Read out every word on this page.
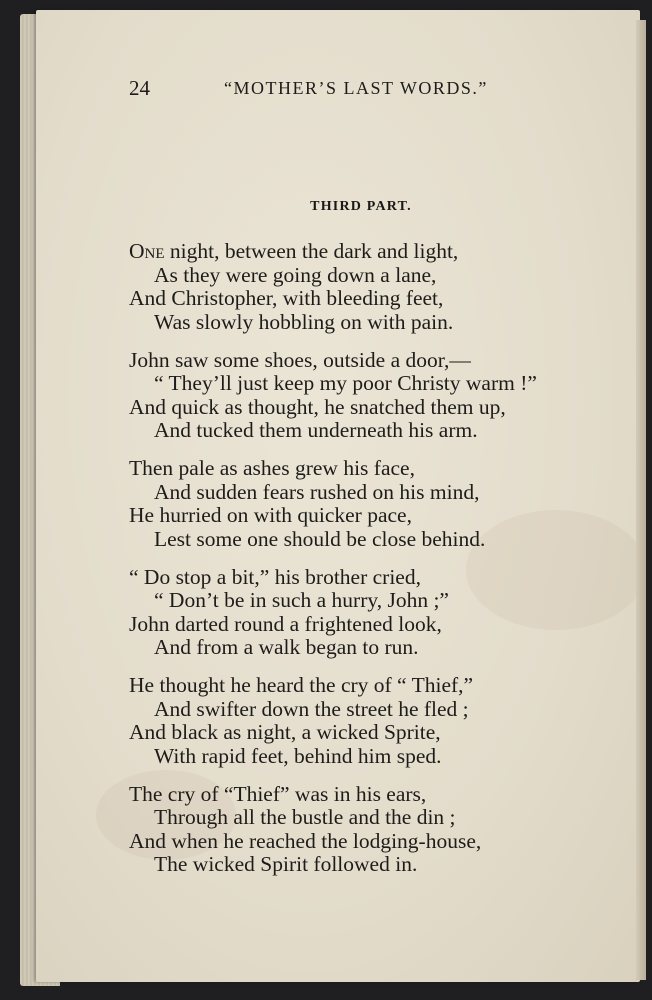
24	“MOTHER’S LAST WORDS.”
THIRD PART.
One night, between the dark and light,
As they were going down a lane,
And Christopher, with bleeding feet,
Was slowly hobbling on with pain.
John saw some shoes, outside a door,—
“ They’ll just keep my poor Christy warm !”
And quick as thought, he snatched them up,
And tucked them underneath his arm.
Then pale as ashes grew his face,
And sudden fears rushed on his mind,
He hurried on with quicker pace,
Lest some one should be close behind.
“ Do stop a bit,” his brother cried,
“ Don’t be in such a hurry, John ;”
John darted round a frightened look,
And from a walk began to run.
He thought he heard the cry of “ Thief,”
And swifter down the street he fled ;
And black as night, a wicked Sprite,
With rapid feet, behind him sped.
The cry of “Thief” was in his ears,
Through all the bustle and the din ;
And when he reached the lodging-house,
The wicked Spirit followed in.
